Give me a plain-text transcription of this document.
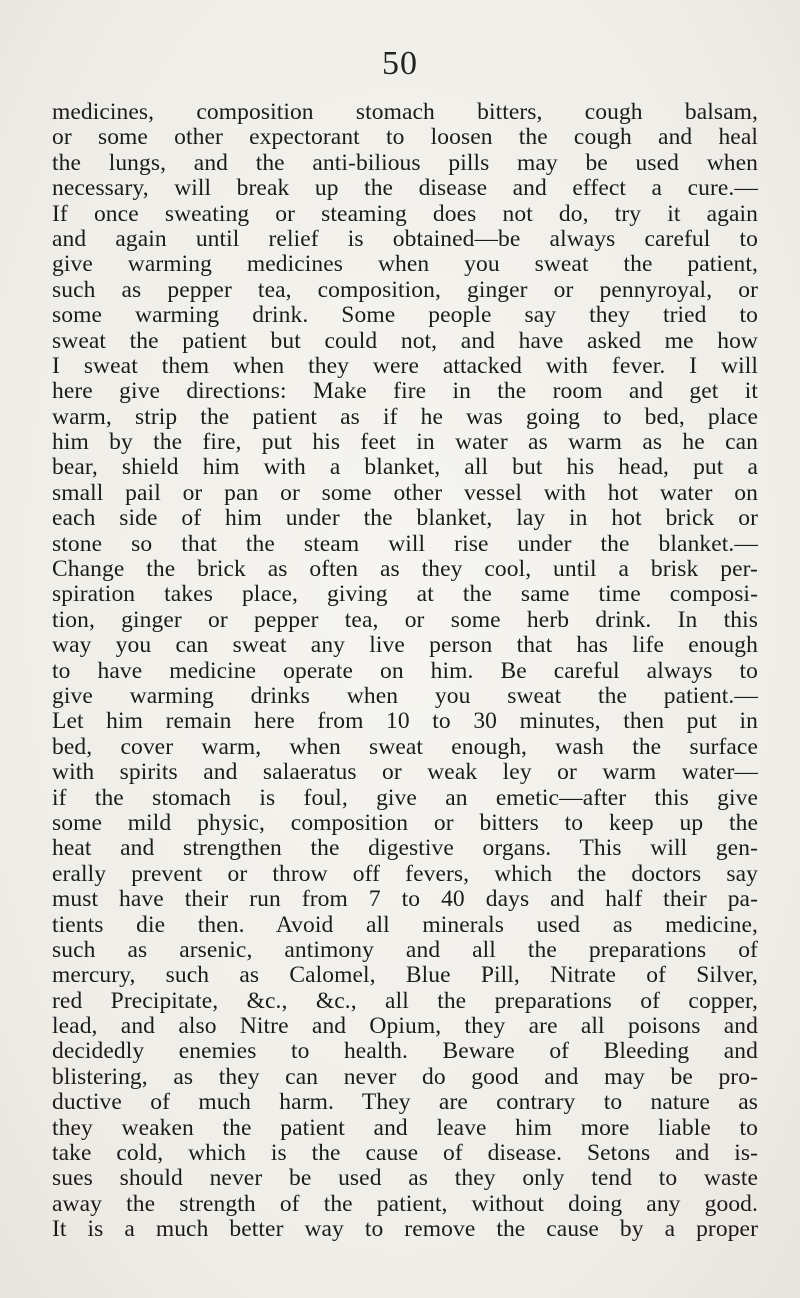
50
medicines, composition stomach bitters, cough balsam,
or some other expectorant to loosen the cough and heal
the lungs, and the anti-bilious pills may be used when
necessary, will break up the disease and effect a cure.—
If once sweating or steaming does not do, try it again
and again until relief is obtained—be always careful to
give warming medicines when you sweat the patient,
such as pepper tea, composition, ginger or pennyroyal, or
some warming drink. Some people say they tried to
sweat the patient but could not, and have asked me how
I sweat them when they were attacked with fever. I will
here give directions: Make fire in the room and get it
warm, strip the patient as if he was going to bed, place
him by the fire, put his feet in water as warm as he can
bear, shield him with a blanket, all but his head, put a
small pail or pan or some other vessel with hot water on
each side of him under the blanket, lay in hot brick or
stone so that the steam will rise under the blanket.—
Change the brick as often as they cool, until a brisk per-
spiration takes place, giving at the same time composi-
tion, ginger or pepper tea, or some herb drink. In this
way you can sweat any live person that has life enough
to have medicine operate on him. Be careful always to
give warming drinks when you sweat the patient.—
Let him remain here from 10 to 30 minutes, then put in
bed, cover warm, when sweat enough, wash the surface
with spirits and salaeratus or weak ley or warm water—
if the stomach is foul, give an emetic—after this give
some mild physic, composition or bitters to keep up the
heat and strengthen the digestive organs. This will gen-
erally prevent or throw off fevers, which the doctors say
must have their run from 7 to 40 days and half their pa-
tients die then. Avoid all minerals used as medicine,
such as arsenic, antimony and all the preparations of
mercury, such as Calomel, Blue Pill, Nitrate of Silver,
red Precipitate, &c., &c., all the preparations of copper,
lead, and also Nitre and Opium, they are all poisons and
decidedly enemies to health. Beware of Bleeding and
blistering, as they can never do good and may be pro-
ductive of much harm. They are contrary to nature as
they weaken the patient and leave him more liable to
take cold, which is the cause of disease. Setons and is-
sues should never be used as they only tend to waste
away the strength of the patient, without doing any good.
It is a much better way to remove the cause by a proper
